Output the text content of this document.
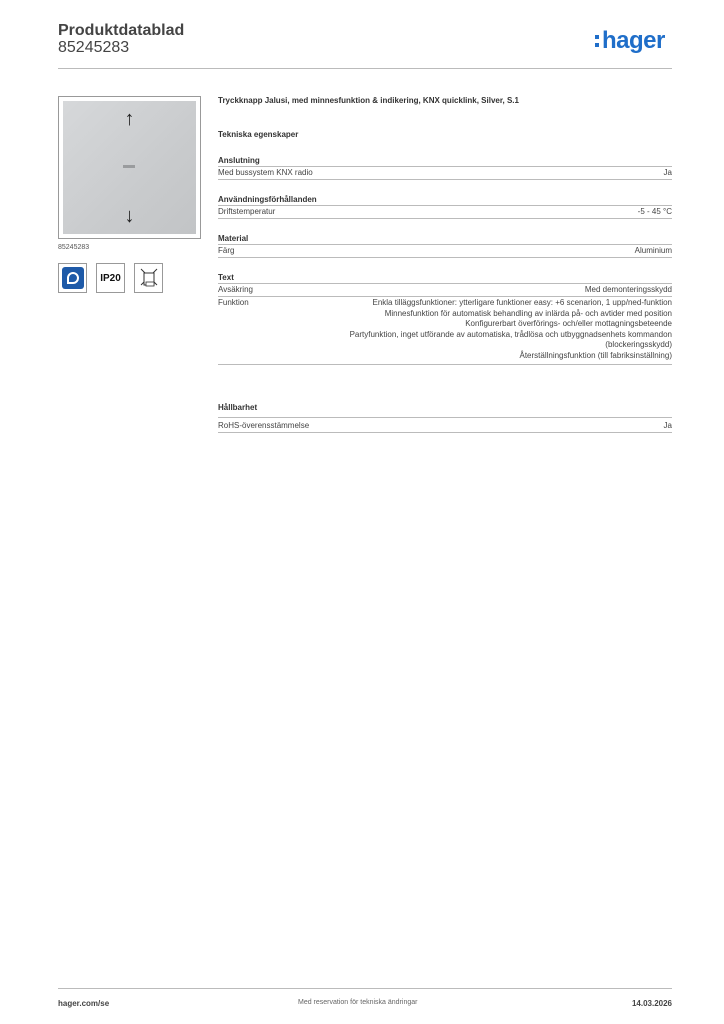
Produktdatablad
85245283	hager
↑
↓
85245283
IP20
Tryckknapp Jalusi, med minnesfunktion & indikering, KNX quicklink, Silver, S.1
Tekniska egenskaper
Anslutning
Med bussystem KNX radio	Ja
Användningsförhållanden
Driftstemperatur	-5 - 45 °C
Material
Färg	Aluminium
Text
Avsäkring	Med demonteringsskydd
Funktion	Enkla tilläggsfunktioner: ytterligare funktioner easy: +6 scenarion, 1 upp/ned-funktion
Minnesfunktion för automatisk behandling av inlärda på- och avtider med position
Konfigurerbart överförings- och/eller mottagningsbeteende
Partyfunktion, inget utförande av automatiska, trådlösa och utbyggnadsenhets kommandon (blockeringsskydd)
Återställningsfunktion (till fabriksinställning)
Hållbarhet
RoHS-överensstämmelse	Ja
hager.com/se	Med reservation för tekniska ändringar	14.03.2026
